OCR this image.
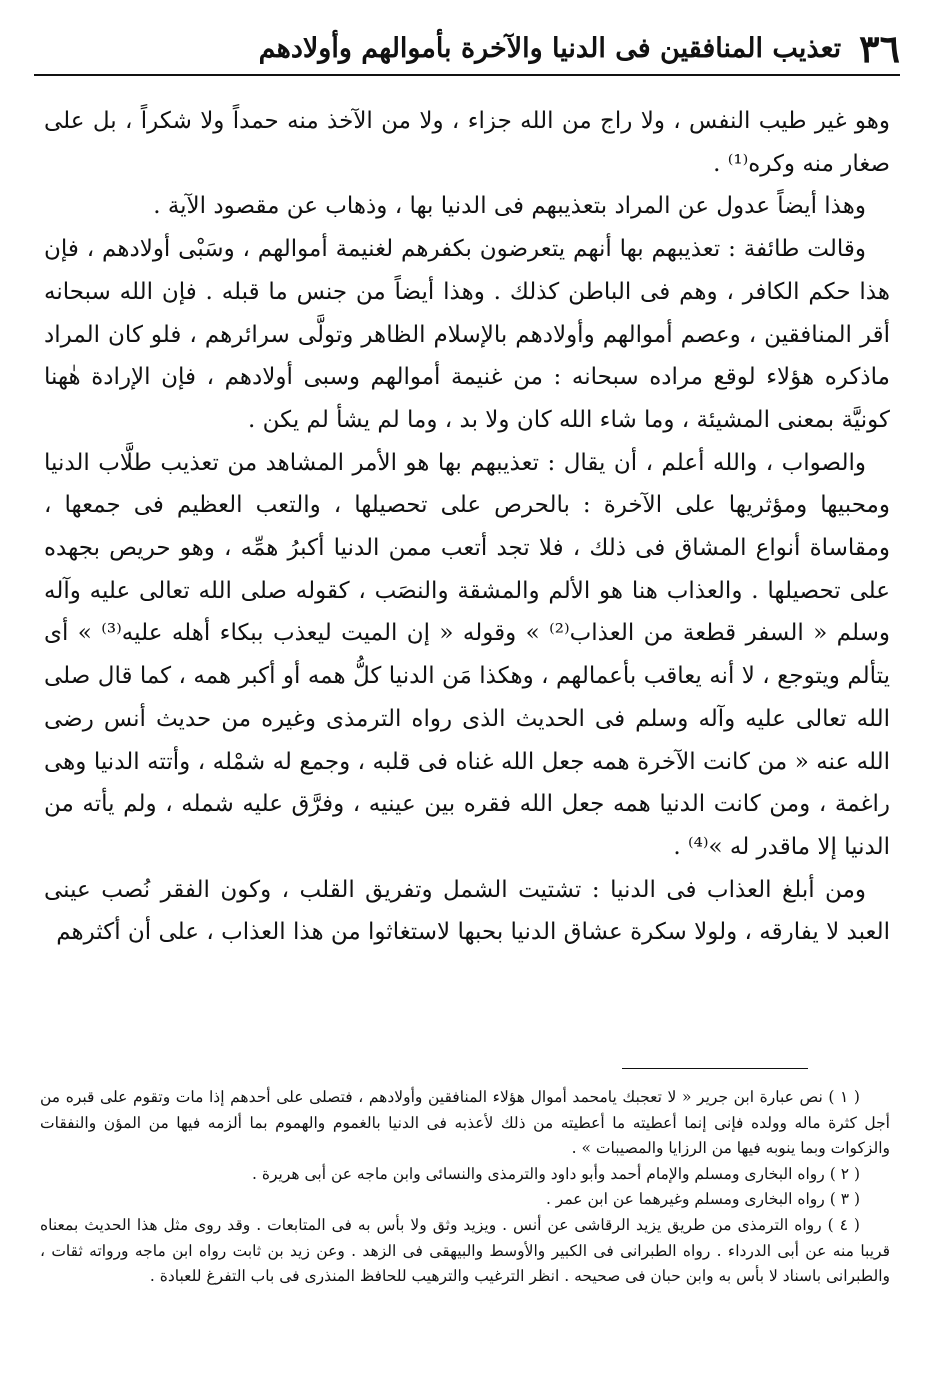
٣٦
تعذيب المنافقين فى الدنيا والآخرة بأموالهم وأولادهم

وهو غير طيب النفس ، ولا راج من الله جزاء ، ولا من الآخذ منه حمداً ولا شكراً ، بل على صغار منه وكره⁽¹⁾ .

وهذا أيضاً عدول عن المراد بتعذيبهم فى الدنيا بها ، وذهاب عن مقصود الآية .

وقالت طائفة : تعذيبهم بها أنهم يتعرضون بكفرهم لغنيمة أموالهم ، وسَبْى أولادهم ، فإن هذا حكم الكافر ، وهم فى الباطن كذلك . وهذا أيضاً من جنس ما قبله . فإن الله سبحانه أقر المنافقين ، وعصم أموالهم وأولادهم بالإسلام الظاهر وتولَّى سرائرهم ، فلو كان المراد ماذكره هؤلاء لوقع مراده سبحانه : من غنيمة أموالهم وسبى أولادهم ، فإن الإرادة هٰهنا كونيَّة بمعنى المشيئة ، وما شاء الله كان ولا بد ، وما لم يشأ لم يكن .

والصواب ، والله أعلم ، أن يقال : تعذيبهم بها هو الأمر المشاهد من تعذيب طلَّاب الدنيا ومحبيها ومؤثريها على الآخرة : بالحرص على تحصيلها ، والتعب العظيم فى جمعها ، ومقاساة أنواع المشاق فى ذلك ، فلا تجد أتعب ممن الدنيا أكبرُ همِّه ، وهو حريص بجهده على تحصيلها . والعذاب هنا هو الألم والمشقة والنصَب ، كقوله صلى الله تعالى عليه وآله وسلم « السفر قطعة من العذاب⁽²⁾ » وقوله « إن الميت ليعذب ببكاء أهله عليه⁽³⁾ » أى يتألم ويتوجع ، لا أنه يعاقب بأعمالهم ، وهكذا مَن الدنيا كلُّ همه أو أكبر همه ، كما قال صلى الله تعالى عليه وآله وسلم فى الحديث الذى رواه الترمذى وغيره من حديث أنس رضى الله عنه « من كانت الآخرة همه جعل الله غناه فى قلبه ، وجمع له شمْله ، وأتته الدنيا وهى راغمة ، ومن كانت الدنيا همه جعل الله فقره بين عينيه ، وفرَّق عليه شمله ، ولم يأته من الدنيا إلا ماقدر له »⁽⁴⁾ .

ومن أبلغ العذاب فى الدنيا : تشتيت الشمل وتفريق القلب ، وكون الفقر نُصب عينى العبد لا يفارقه ، ولولا سكرة عشاق الدنيا بحبها لاستغاثوا من هذا العذاب ، على أن أكثرهم

( ١ ) نص عبارة ابن جرير « لا تعجبك يامحمد أموال هؤلاء المنافقين وأولادهم ، فتصلى على أحدهم إذا مات وتقوم على قبره من أجل كثرة ماله وولده فإنى إنما أعطيته ما أعطيته من ذلك لأعذبه فى الدنيا بالغموم والهموم بما ألزمه فيها من المؤن والنفقات والزكوات وبما ينوبه فيها من الرزايا والمصيبات » .

( ٢ ) رواه البخارى ومسلم والإمام أحمد وأبو داود والترمذى والنسائى وابن ماجه عن أبى هريرة .

( ٣ ) رواه البخارى ومسلم وغيرهما عن ابن عمر .

( ٤ ) رواه الترمذى من طريق يزيد الرقاشى عن أنس . ويزيد وثق ولا بأس به فى المتابعات . وقد روى مثل هذا الحديث بمعناه قريبا منه عن أبى الدرداء . رواه الطبرانى فى الكبير والأوسط والبيهقى فى الزهد . وعن زيد بن ثابت رواه ابن ماجه ورواته ثقات ، والطبرانى باسناد لا بأس به وابن حبان فى صحيحه . انظر الترغيب والترهيب للحافظ المنذرى فى باب التفرغ للعبادة .
